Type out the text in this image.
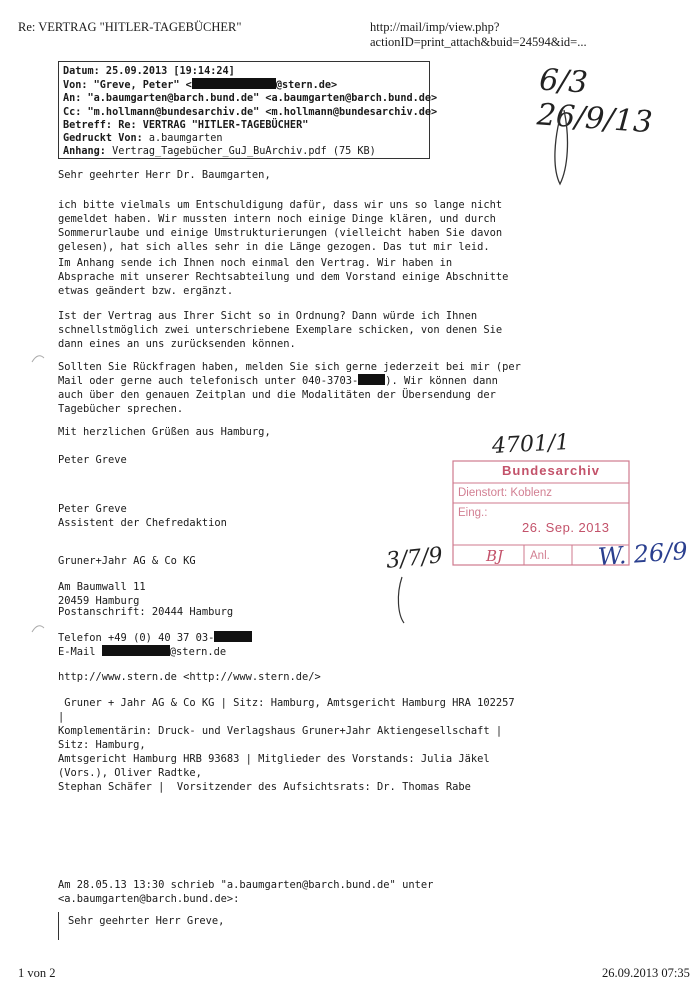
Re: VERTRAG "HITLER-TAGEBÜCHER"	http://mail/imp/view.php?actionID=print_attach&buid=24594&id=...
Datum: 25.09.2013 [19:14:24]
Von: "Greve, Peter" <	@stern.de>
An: "a.baumgarten@barch.bund.de" <a.baumgarten@barch.bund.de>
Cc: "m.hollmann@bundesarchiv.de" <m.hollmann@bundesarchiv.de>
Betreff: Re: VERTRAG "HITLER-TAGEBÜCHER"
Gedruckt Von: a.baumgarten
Anhang: Vertrag_Tagebücher_GuJ_BuArchiv.pdf (75 KB)
6/3 26/9/13
Sehr geehrter Herr Dr. Baumgarten,
ich bitte vielmals um Entschuldigung dafür, dass wir uns so lange nicht
gemeldet haben. Wir mussten intern noch einige Dinge klären, und durch
Sommerurlaube und einige Umstrukturierungen (vielleicht haben Sie davon
gelesen), hat sich alles sehr in die Länge gezogen. Das tut mir leid.
Im Anhang sende ich Ihnen noch einmal den Vertrag. Wir haben in
Absprache mit unserer Rechtsabteilung und dem Vorstand einige Abschnitte
etwas geändert bzw. ergänzt.
Ist der Vertrag aus Ihrer Sicht so in Ordnung? Dann würde ich Ihnen
schnellstmöglich zwei unterschriebene Exemplare schicken, von denen Sie
dann eines an uns zurücksenden können.
Sollten Sie Rückfragen haben, melden Sie sich gerne jederzeit bei mir (per
Mail oder gerne auch telefonisch unter 040-3703-	). Wir können dann
auch über den genauen Zeitplan und die Modalitäten der Übersendung der
Tagebücher sprechen.
Mit herzlichen Grüßen aus Hamburg,
Peter Greve
Peter Greve
Assistent der Chefredaktion
Gruner+Jahr AG & Co KG
Am Baumwall 11
20459 Hamburg
Postanschrift: 20444 Hamburg
Telefon +49 (0) 40 37 03-
E-Mail	@stern.de
http://www.stern.de <http://www.stern.de/>
Gruner + Jahr AG & Co KG | Sitz: Hamburg, Amtsgericht Hamburg HRA 102257
|
Komplementärin: Druck- und Verlagshaus Gruner+Jahr Aktiengesellschaft |
Sitz: Hamburg,
Amtsgericht Hamburg HRB 93683 | Mitglieder des Vorstands: Julia Jäkel
(Vors.), Oliver Radtke,
Stephan Schäfer |  Vorsitzender des Aufsichtsrats: Dr. Thomas Rabe
3/7/9
4701/1
Bundesarchiv
Dienstort: Koblenz
Eing.:
26. Sep. 2013
BJ Anl. W. 26/9
Am 28.05.13 13:30 schrieb "a.baumgarten@barch.bund.de" unter
<a.baumgarten@barch.bund.de>:
Sehr geehrter Herr Greve,
1 von 2	26.09.2013 07:35
